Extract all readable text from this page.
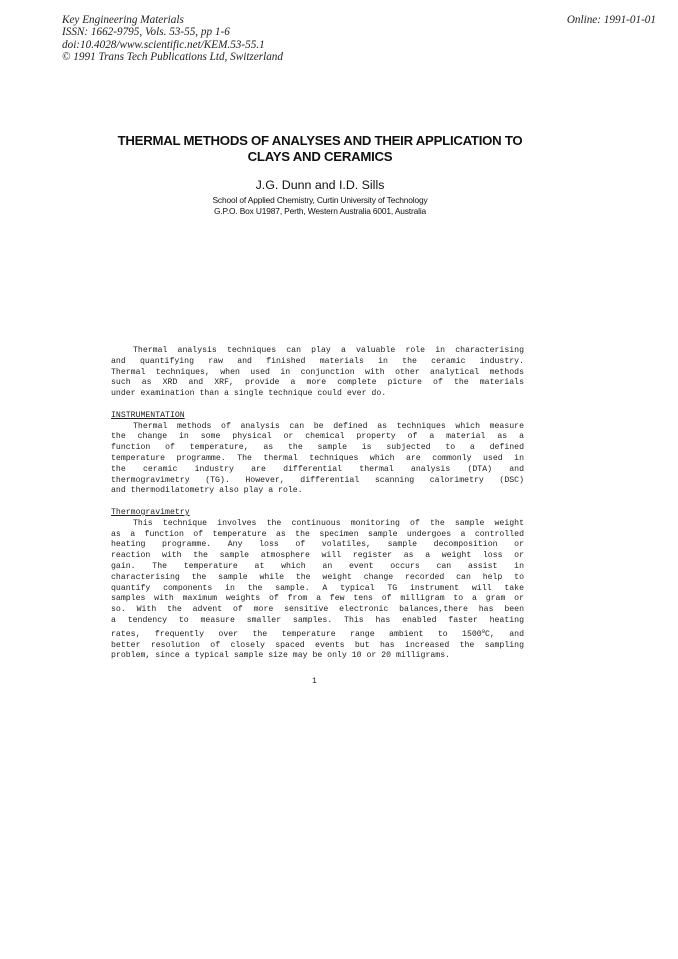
Key Engineering Materials
ISSN: 1662-9795, Vols. 53-55, pp 1-6
doi:10.4028/www.scientific.net/KEM.53-55.1
© 1991 Trans Tech Publications Ltd, Switzerland
Online: 1991-01-01
THERMAL METHODS OF ANALYSES AND THEIR APPLICATION TO
CLAYS AND CERAMICS
J.G. Dunn and I.D. Sills
School of Applied Chemistry, Curtin University of Technology
G.P.O. Box U1987, Perth, Western Australia 6001, Australia
Thermal analysis techniques can play a valuable role in characterising
and quantifying raw and finished materials in the ceramic industry.
Thermal techniques, when used in conjunction with other analytical methods
such as XRD and XRF, provide a more complete picture of the materials
under examination than a single technique could ever do.
INSTRUMENTATION
Thermal methods of analysis can be defined as techniques which measure
the change in some physical or chemical property of a material as a
function of temperature, as the sample is subjected to a defined
temperature programme. The thermal techniques which are commonly used in
the ceramic industry are differential thermal analysis (DTA) and
thermogravimetry (TG). However, differential scanning calorimetry (DSC)
and thermodilatometry also play a role.
Thermogravimetry
This technique involves the continuous monitoring of the sample weight
as a function of temperature as the specimen sample undergoes a controlled
heating programme. Any loss of volatiles, sample decomposition or
reaction with the sample atmosphere will register as a weight loss or
gain. The temperature at which an event occurs can assist in
characterising the sample while the weight change recorded can help to
quantify components in the sample. A typical TG instrument will take
samples with maximum weights of from a few tens of milligram to a gram or
so. With the advent of more sensitive electronic balances,there has been
a tendency to measure smaller samples. This has enabled faster heating
rates, frequently over the temperature range ambient to 1500$^0$C, and
better resolution of closely spaced events but has increased the sampling
problem, since a typical sample size may be only 10 or 20 milligrams.
1
